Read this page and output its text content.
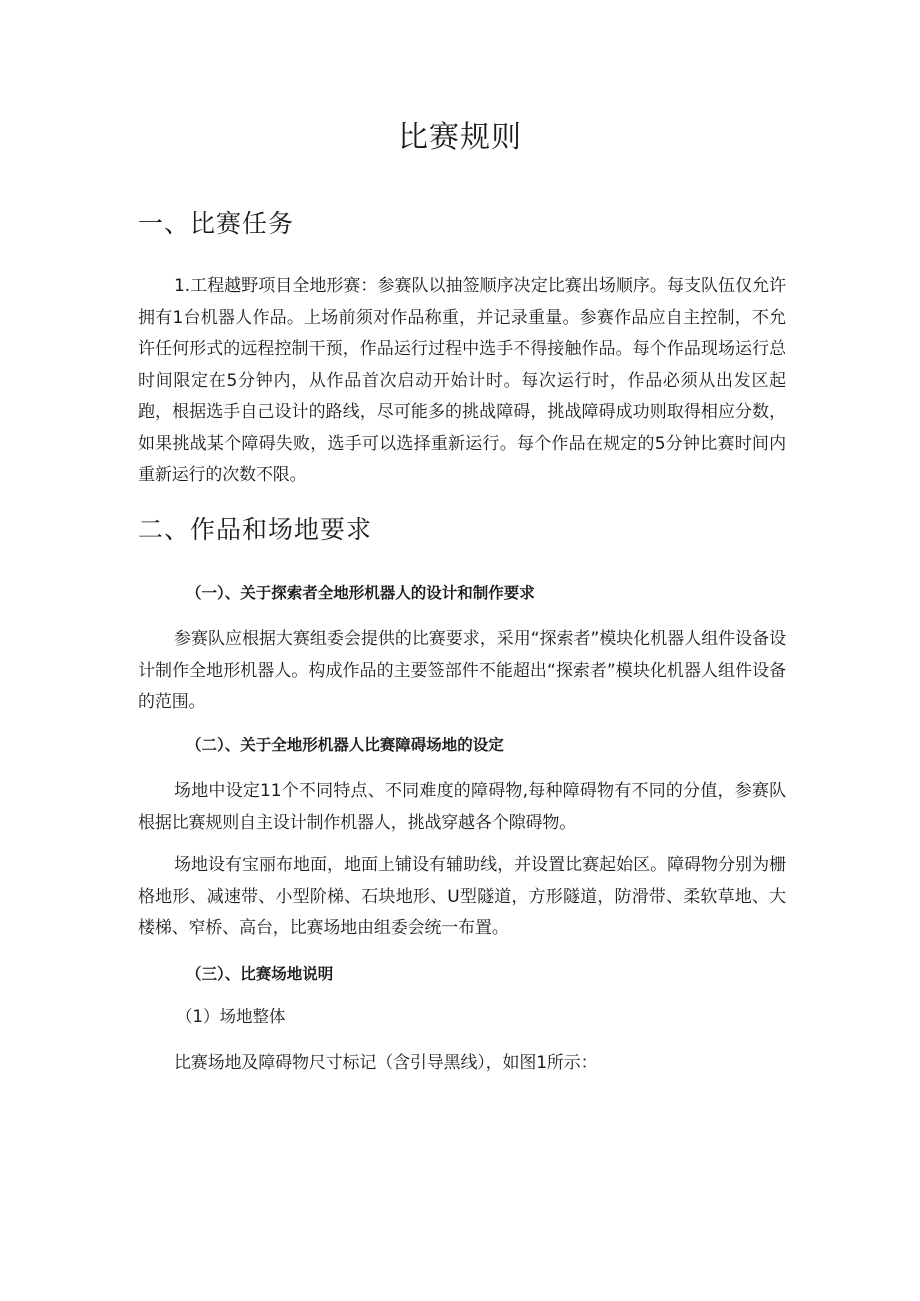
比赛规则
一、比赛任务

1.工程越野项目全地形赛：参赛队以抽签顺序决定比赛出场顺序。每支队伍仅允许拥有1台机器人作品。上场前须对作品称重，并记录重量。参赛作品应自主控制，不允许任何形式的远程控制干预，作品运行过程中选手不得接触作品。每个作品现场运行总时间限定在5分钟内，从作品首次启动开始计时。每次运行时，作品必须从出发区起跑，根据选手自己设计的路线，尽可能多的挑战障碍，挑战障碍成功则取得相应分数，如果挑战某个障碍失败，选手可以选择重新运行。每个作品在规定的5分钟比赛时间内重新运行的次数不限。

二、作品和场地要求
（一）、关于探索者全地形机器人的设计和制作要求

参赛队应根据大赛组委会提供的比赛要求，采用“探索者”模块化机器人组件设备设计制作全地形机器人。构成作品的主要签部件不能超出“探索者”模块化机器人组件设备的范围。

（二）、关于全地形机器人比赛障碍场地的设定

场地中设定11个不同特点、不同难度的障碍物,每种障碍物有不同的分值，参赛队根据比赛规则自主设计制作机器人，挑战穿越各个隙碍物。

场地设有宝丽布地面，地面上铺设有辅助线，并设置比赛起始区。障碍物分别为栅格地形、减速带、小型阶梯、石块地形、U型隧道，方形隧道，防滑带、柔软草地、大楼梯、窄桥、高台，比赛场地由组委会统一布置。

（三）、比赛场地说明

（1）场地整体

比赛场地及障碍物尺寸标记（含引导黑线），如图1所示：
